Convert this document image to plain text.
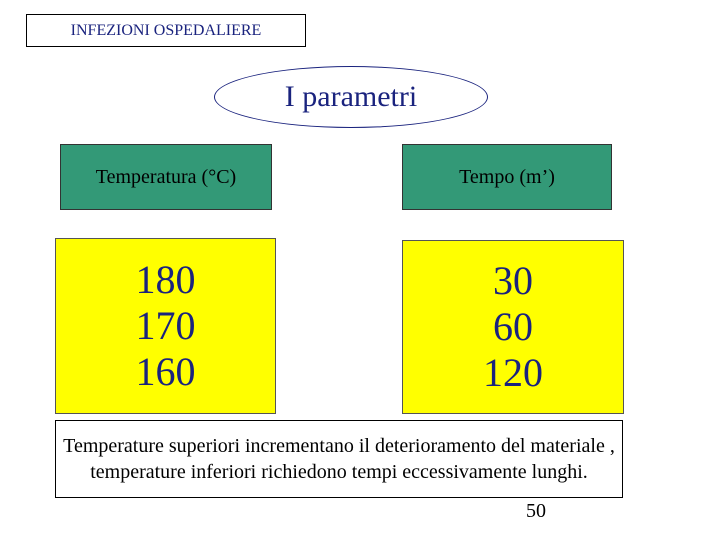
INFEZIONI OSPEDALIERE
I parametri
Temperatura (°C)	Tempo (m’)
180
170
160
30
60
120
Temperature superiori incrementano il deterioramento del materiale ,
temperature inferiori richiedono tempi eccessivamente lunghi.
50
